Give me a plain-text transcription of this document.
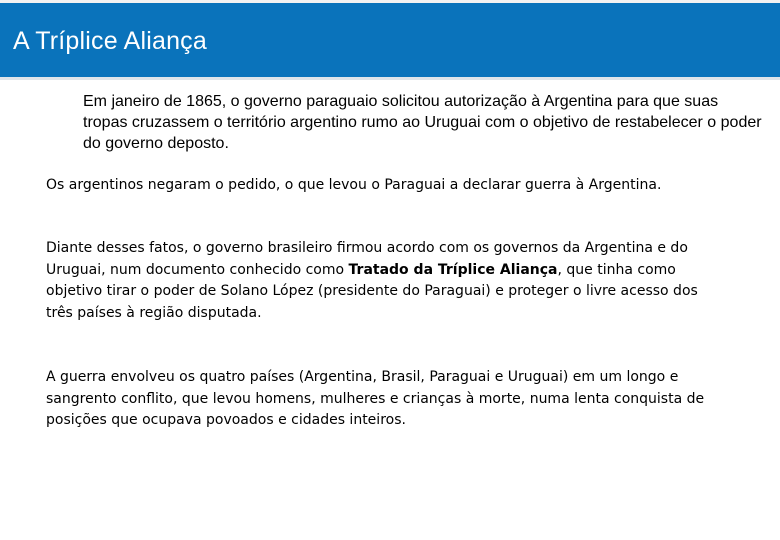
A Tríplice Aliança

Em janeiro de 1865, o governo paraguaio solicitou autorização à Argentina para que suas tropas cruzassem o território argentino rumo ao Uruguai com o objetivo de restabelecer o poder do governo deposto.

Os argentinos negaram o pedido, o que levou o Paraguai a declarar guerra à Argentina.

Diante desses fatos, o governo brasileiro firmou acordo com os governos da Argentina e do Uruguai, num documento conhecido como Tratado da Tríplice Aliança, que tinha como objetivo tirar o poder de Solano López (presidente do Paraguai) e proteger o livre acesso dos três países à região disputada.

A guerra envolveu os quatro países (Argentina, Brasil, Paraguai e Uruguai) em um longo e sangrento conflito, que levou homens, mulheres e crianças à morte, numa lenta conquista de posições que ocupava povoados e cidades inteiros.
